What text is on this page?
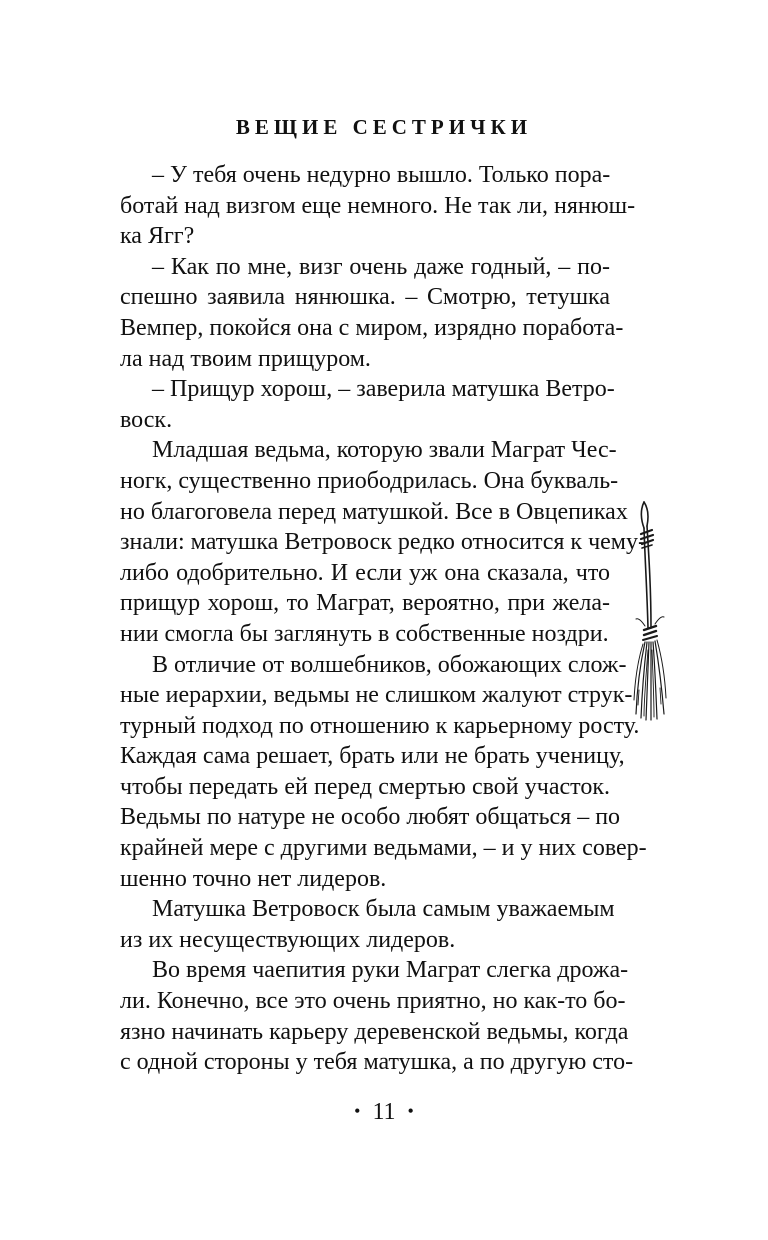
ВЕЩИЕ СЕСТРИЧКИ
– У тебя очень недурно вышло. Только пора-
ботай над визгом еще немного. Не так ли, нянюш-
ка Ягг?
– Как по мне, визг очень даже годный, – по-
спешно заявила нянюшка. – Смотрю, тетушка
Вемпер, покойся она с миром, изрядно поработа-
ла над твоим прищуром.
– Прищур хорош, – заверила матушка Ветро-
воск.
Младшая ведьма, которую звали Маграт Чес-
ногк, существенно приободрилась. Она букваль-
но благоговела перед матушкой. Все в Овцепиках
знали: матушка Ветровоск редко относится к чему-
либо одобрительно. И если уж она сказала, что
прищур хорош, то Маграт, вероятно, при жела-
нии смогла бы заглянуть в собственные ноздри.
В отличие от волшебников, обожающих слож-
ные иерархии, ведьмы не слишком жалуют струк-
турный подход по отношению к карьерному росту.
Каждая сама решает, брать или не брать ученицу,
чтобы передать ей перед смертью свой участок.
Ведьмы по натуре не особо любят общаться – по
крайней мере с другими ведьмами, – и у них совер-
шенно точно нет лидеров.
Матушка Ветровоск была самым уважаемым
из их несуществующих лидеров.
Во время чаепития руки Маграт слегка дрожа-
ли. Конечно, все это очень приятно, но как-то бо-
язно начинать карьеру деревенской ведьмы, когда
с одной стороны у тебя матушка, а по другую сто-
• 11 •
